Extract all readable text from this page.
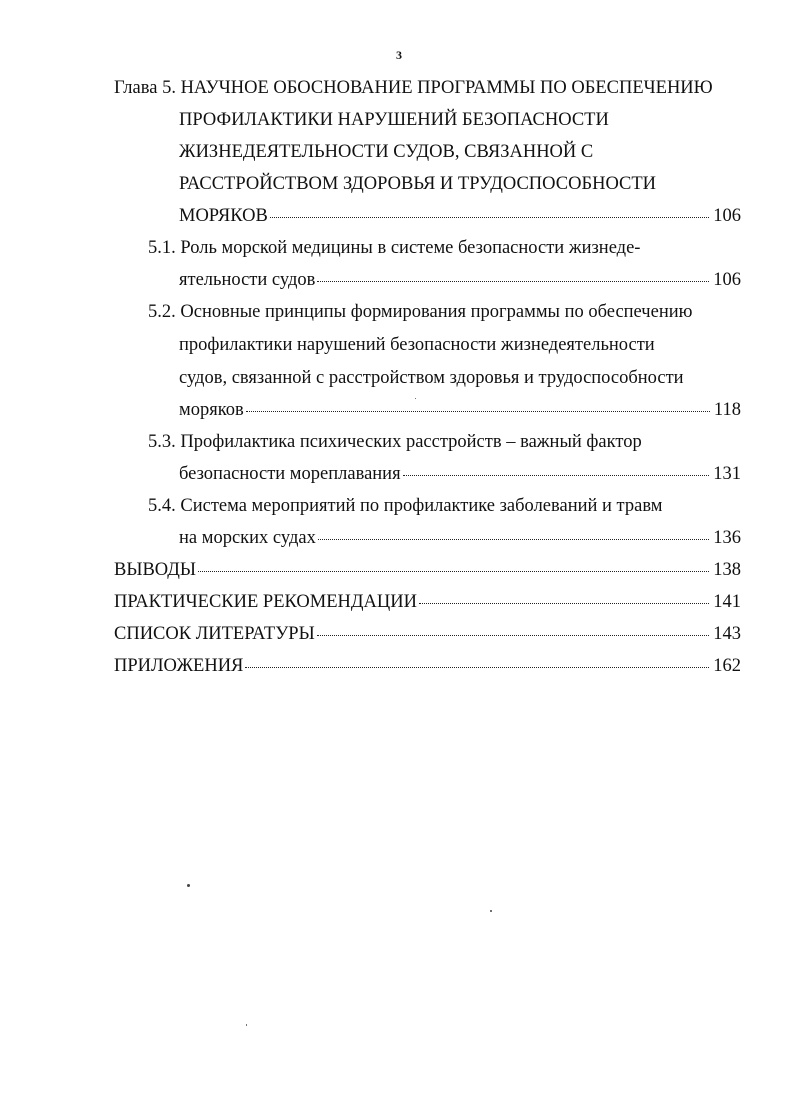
3
Глава 5. НАУЧНОЕ ОБОСНОВАНИЕ ПРОГРАММЫ ПО ОБЕСПЕЧЕНИЮ
ПРОФИЛАКТИКИ НАРУШЕНИЙ БЕЗОПАСНОСТИ
ЖИЗНЕДЕЯТЕЛЬНОСТИ СУДОВ, СВЯЗАННОЙ С
РАССТРОЙСТВОМ ЗДОРОВЬЯ И ТРУДОСПОСОБНОСТИ
МОРЯКОВ	106
5.1. Роль морской медицины в системе безопасности жизнеде-
ятельности судов	106
5.2. Основные принципы формирования программы по обеспечению
профилактики нарушений безопасности жизнедеятельности
судов, связанной с расстройством здоровья и трудоспособности
моряков	118
5.3. Профилактика психических расстройств – важный фактор
безопасности мореплавания	131
5.4. Система мероприятий по профилактике заболеваний и травм
на морских судах	136
ВЫВОДЫ	138
ПРАКТИЧЕСКИЕ РЕКОМЕНДАЦИИ	141
СПИСОК ЛИТЕРАТУРЫ	143
ПРИЛОЖЕНИЯ	162
